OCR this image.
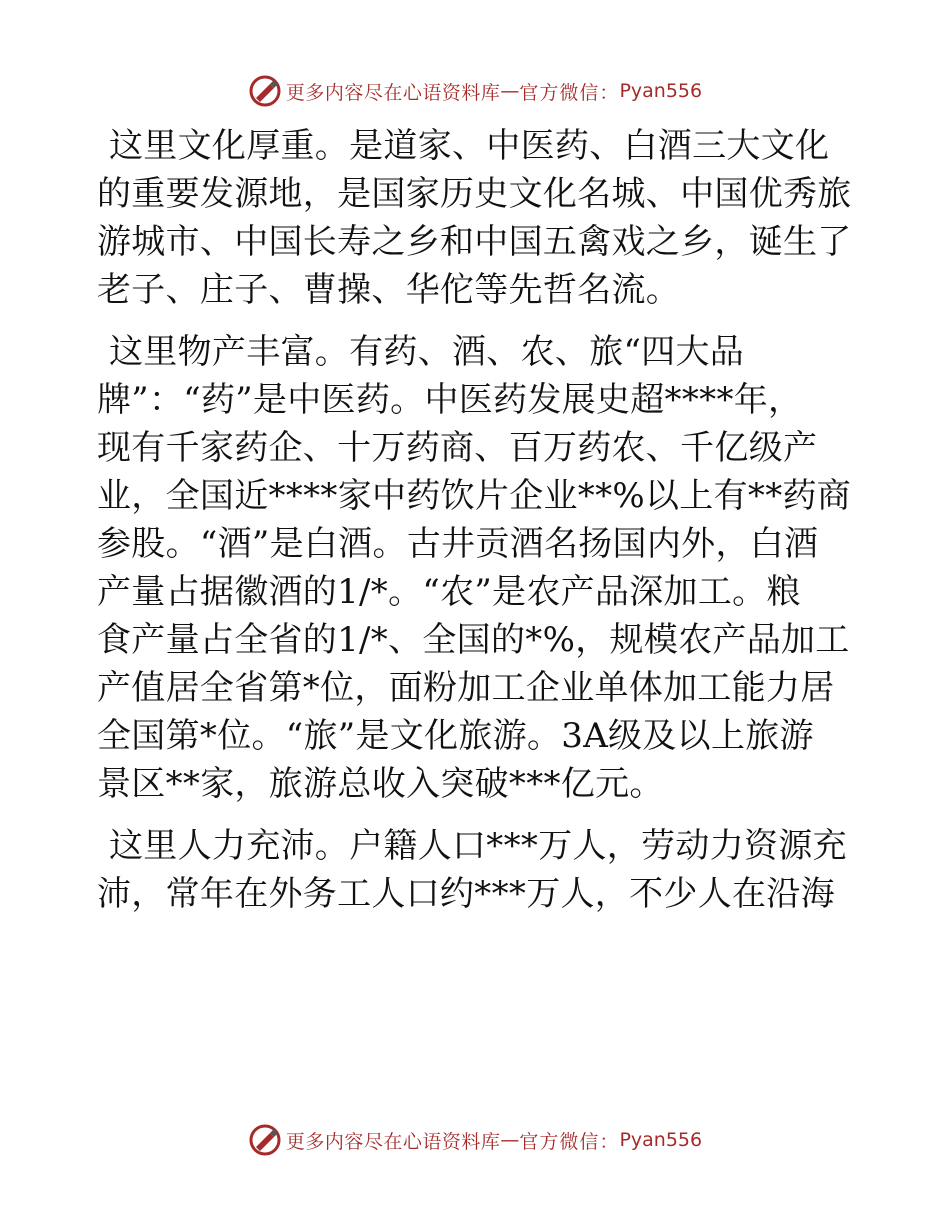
更多内容尽在心语资料库 — 官方微信： Pyan556
这里文化厚重。是道家、中医药、白酒三大文化
的重要发源地，是国家历史文化名城、中国优秀旅
游城市、中国长寿之乡和中国五禽戏之乡，诞生了
老子、庄子、曹操、华佗等先哲名流。
这里物产丰富。有药、酒、农、旅“四大品
牌”：“药”是中医药。中医药发展史超****年，
现有千家药企、十万药商、百万药农、千亿级产
业，全国近****家中药饮片企业**%以上有**药商
参股。“酒”是白酒。古井贡酒名扬国内外，白酒
产量占据徽酒的1/*。“农”是农产品深加工。粮
食产量占全省的1/*、全国的*%，规模农产品加工
产值居全省第*位，面粉加工企业单体加工能力居
全国第*位。“旅”是文化旅游。3A级及以上旅游
景区**家，旅游总收入突破***亿元。
这里人力充沛。户籍人口***万人，劳动力资源充
沛，常年在外务工人口约***万人，不少人在沿海
更多内容尽在心语资料库 — 官方微信： Pyan556
